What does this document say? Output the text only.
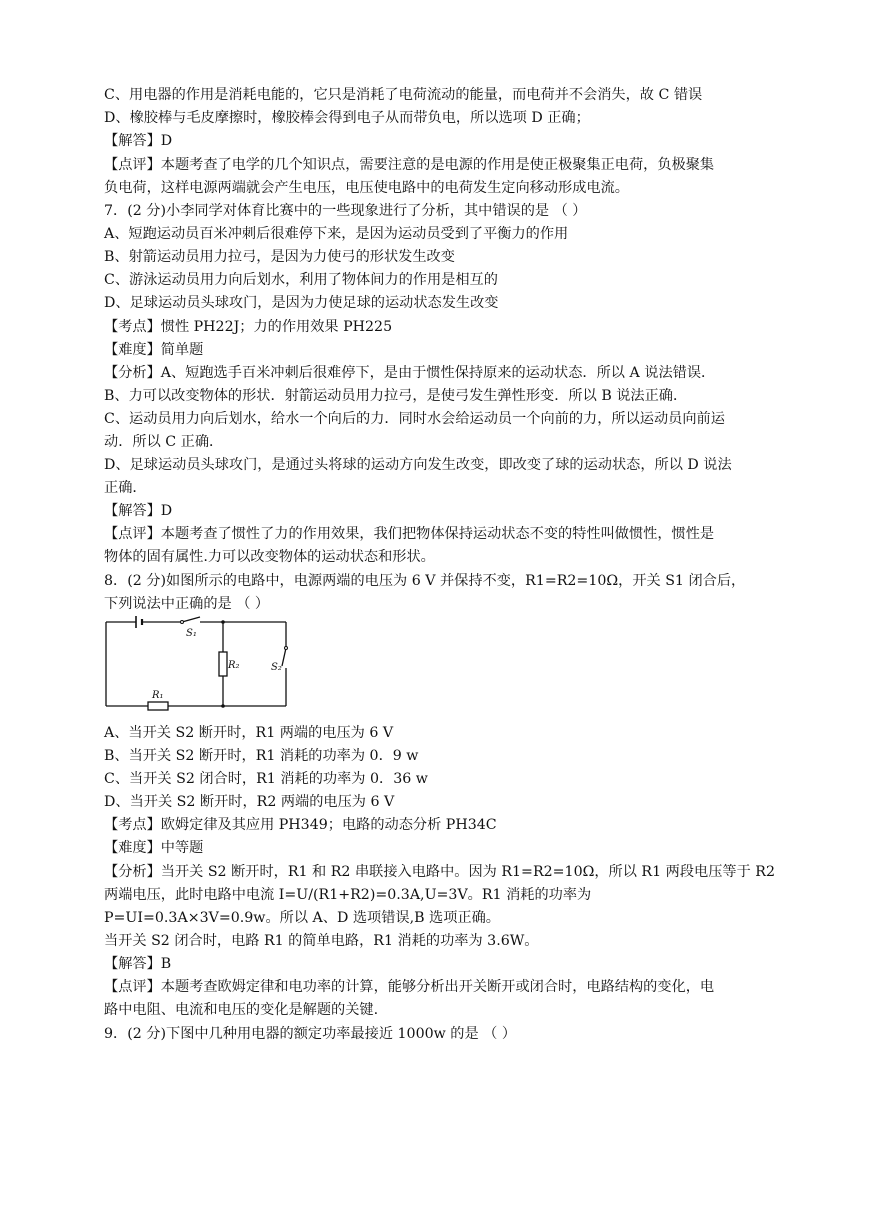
C、用电器的作用是消耗电能的，它只是消耗了电荷流动的能量，而电荷并不会消失，故 C 错误
D、橡胶棒与毛皮摩擦时，橡胶棒会得到电子从而带负电，所以选项 D 正确；
【解答】D
【点评】本题考查了电学的几个知识点，需要注意的是电源的作用是使正极聚集正电荷，负极聚集
负电荷，这样电源两端就会产生电压，电压使电路中的电荷发生定向移动形成电流。
7．(2 分)小李同学对体育比赛中的一些现象进行了分析，其中错误的是 （ ）
A、短跑运动员百米冲刺后很难停下来，是因为运动员受到了平衡力的作用
B、射箭运动员用力拉弓，是因为力使弓的形状发生改变
C、游泳运动员用力向后划水，利用了物体间力的作用是相互的
D、足球运动员头球攻门，是因为力使足球的运动状态发生改变
【考点】惯性 PH22J；力的作用效果 PH225
【难度】简单题
【分析】A、短跑选手百米冲刺后很难停下，是由于惯性保持原来的运动状态．所以 A 说法错误．
B、力可以改变物体的形状．射箭运动员用力拉弓，是使弓发生弹性形变．所以 B 说法正确．
C、运动员用力向后划水，给水一个向后的力．同时水会给运动员一个向前的力，所以运动员向前运
动．所以 C 正确．
D、足球运动员头球攻门，是通过头将球的运动方向发生改变，即改变了球的运动状态，所以 D 说法
正确．
【解答】D
【点评】本题考查了惯性了力的作用效果，我们把物体保持运动状态不变的特性叫做惯性，惯性是
物体的固有属性.力可以改变物体的运动状态和形状。
8．(2 分)如图所示的电路中，电源两端的电压为 6 V 并保持不变，R1=R2=10Ω，开关 S1 闭合后，
下列说法中正确的是 （ ）
A、当开关 S2 断开时，R1 两端的电压为 6 V
B、当开关 S2 断开时，R1 消耗的功率为 0．9 w
C、当开关 S2 闭合时，R1 消耗的功率为 0．36 w
D、当开关 S2 断开时，R2 两端的电压为 6 V
【考点】欧姆定律及其应用 PH349；电路的动态分析 PH34C
【难度】中等题
【分析】当开关 S2 断开时，R1 和 R2 串联接入电路中。因为 R1=R2=10Ω，所以 R1 两段电压等于 R2
两端电压，此时电路中电流 I=U/(R1+R2)=0.3A,U=3V。R1 消耗的功率为
P=UI=0.3A×3V=0.9w。所以 A、D 选项错误,B 选项正确。
当开关 S2 闭合时，电路 R1 的简单电路，R1 消耗的功率为 3.6W。
【解答】B
【点评】本题考查欧姆定律和电功率的计算，能够分析出开关断开或闭合时，电路结构的变化，电
路中电阻、电流和电压的变化是解题的关键.
9．(2 分)下图中几种用电器的额定功率最接近 1000w 的是 （ ）
S₁
R₂	S₂
R₁
